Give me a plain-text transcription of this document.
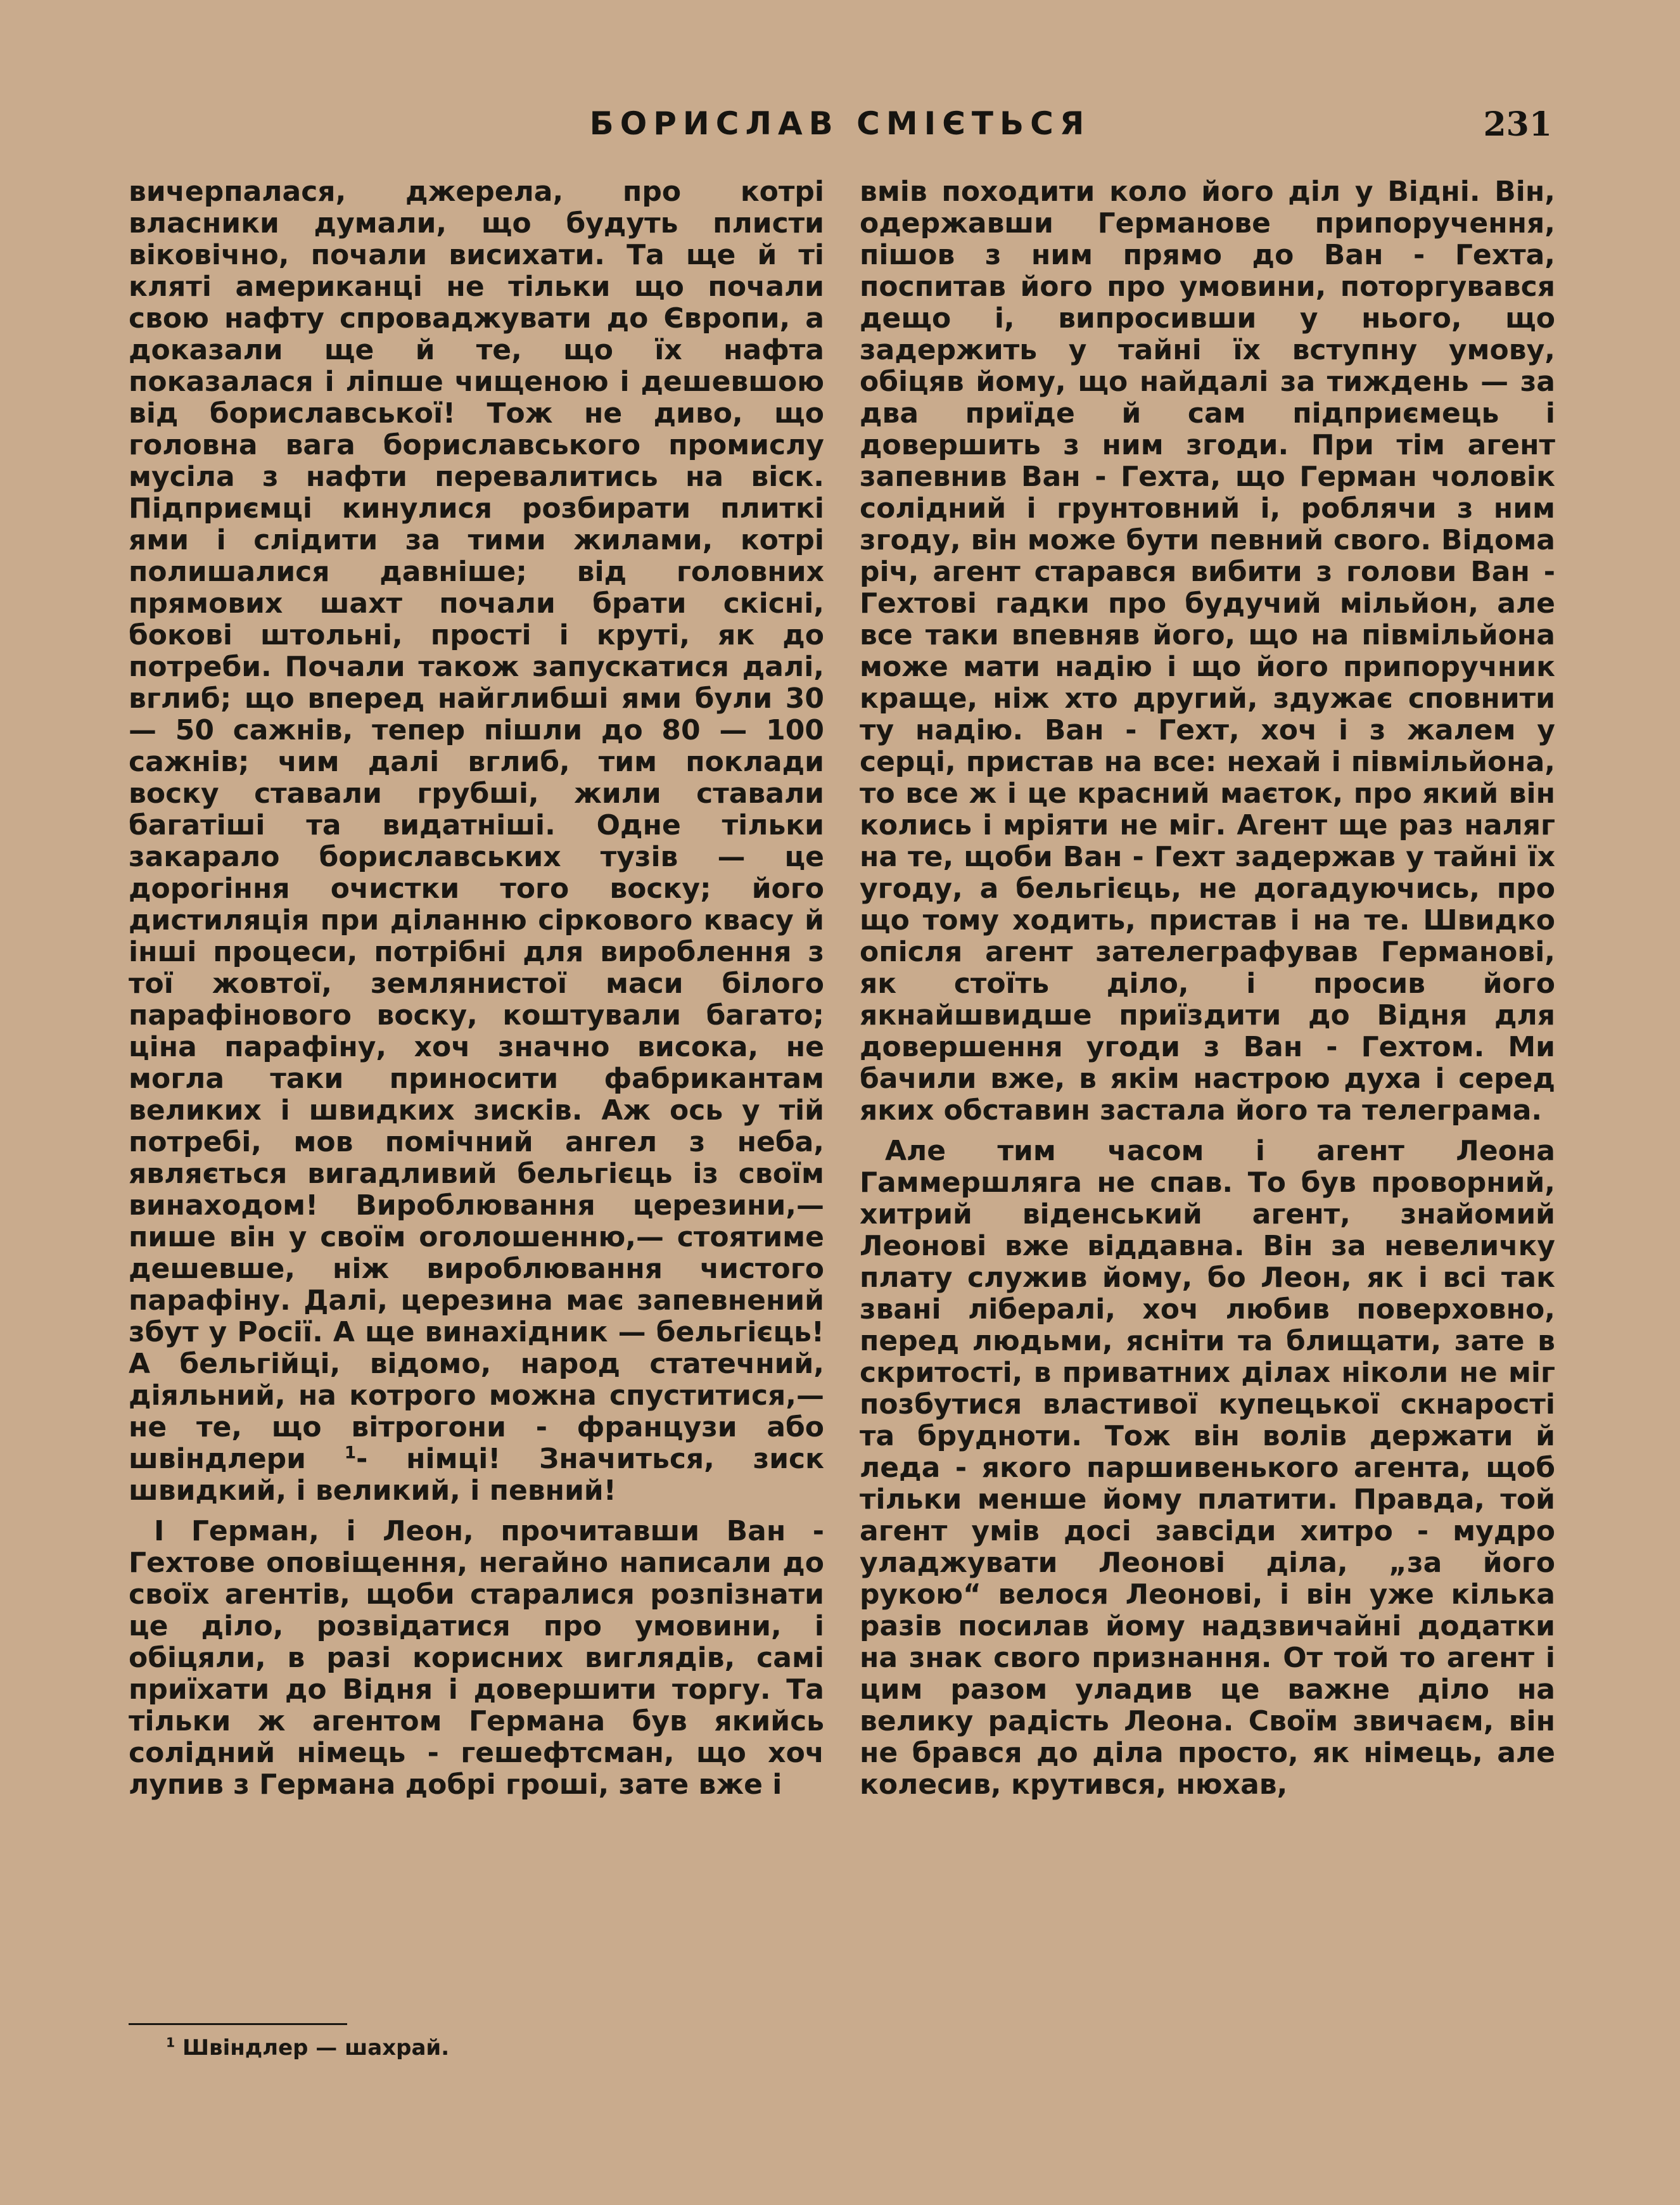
БОРИСЛАВ СМІЄТЬСЯ	231

вичерпалася, джерела, про котрі власники думали, що будуть плисти віковічно, почали висихати. Та ще й ті кляті американці не тільки що почали свою нафту спроваджувати до Європи, а доказали ще й те, що їх нафта показалася і ліпше чищеною і дешевшою від бориславської! Тож не диво, що головна вага бориславського промислу мусіла з нафти перевалитись на віск. Підприємці кинулися розбирати плиткі ями і слідити за тими жилами, котрі полишалися давніше; від головних прямових шахт почали брати скісні, бокові штольні, прості і круті, як до потреби. Почали також запускатися далі, вглиб; що вперед найглибші ями були 30 — 50 сажнів, тепер пішли до 80 — 100 сажнів; чим далі вглиб, тим поклади воску ставали грубші, жили ставали багатіші та видатніші. Одне тільки закарало бориславських тузів — це дорогіння очистки того воску; його дистиляція при діланню сіркового квасу й інші процеси, потрібні для вироблення з тої жовтої, землянистої маси білого парафінового воску, коштували багато; ціна парафіну, хоч значно висока, не могла таки приносити фабрикантам великих і швидких зисків. Аж ось у тій потребі, мов помічний ангел з неба, являється вигадливий бельгієць із своїм винаходом! Вироблювання церезини,— пише він у своїм оголошенню,— стоятиме дешевше, ніж вироблювання чистого парафіну. Далі, церезина має запевнений збут у Росії. А ще винахідник — бельгієць! А бельгійці, відомо, народ статечний, діяльний, на котрого можна спуститися,— не те, що вітрогони - французи або швіндлери $^1$- німці! Значиться, зиск швидкий, і великий, і певний!

І Герман, і Леон, прочитавши Ван - Гехтове оповіщення, негайно написали до своїх агентів, щоби старалися розпізнати це діло, розвідатися про умовини, і обіцяли, в разі корисних виглядів, самі приїхати до Відня і довершити торгу. Та тільки ж агентом Германа був якийсь солідний німець - гешефтсман, що хоч лупив з Германа добрі гроші, зате вже і

вмів походити коло його діл у Відні. Він, одержавши Германове припоручення, пішов з ним прямо до Ван - Гехта, поспитав його про умовини, поторгувався дещо і, випросивши у нього, що задержить у тайні їх вступну умову, обіцяв йому, що найдалі за тиждень — за два приїде й сам підприємець і довершить з ним згоди. При тім агент запевнив Ван - Гехта, що Герман чоловік солідний і грунтовний і, роблячи з ним згоду, він може бути певний свого. Відома річ, агент старався вибити з голови Ван - Гехтові гадки про будучий мільйон, але все таки впевняв його, що на півмільйона може мати надію і що його припоручник краще, ніж хто другий, здужає сповнити ту надію. Ван - Гехт, хоч і з жалем у серці, пристав на все: нехай і півмільйона, то все ж і це красний маєток, про який він колись і мріяти не міг. Агент ще раз наляг на те, щоби Ван - Гехт задержав у тайні їх угоду, а бельгієць, не догадуючись, про що тому ходить, пристав і на те. Швидко опісля агент зателеграфував Германові, як стоїть діло, і просив його якнайшвидше приїздити до Відня для довершення угоди з Ван - Гехтом. Ми бачили вже, в якім настрою духа і серед яких обставин застала його та телеграма.

Але тим часом і агент Леона Гаммершляга не спав. То був проворний, хитрий віденський агент, знайомий Леонові вже віддавна. Він за невеличку плату служив йому, бо Леон, як і всі так звані лібералі, хоч любив поверховно, перед людьми, ясніти та блищати, зате в скритості, в приватних ділах ніколи не міг позбутися властивої купецької скнарості та брудноти. Тож він волів держати й леда - якого паршивенького агента, щоб тільки менше йому платити. Правда, той агент умів досі завсіди хитро - мудро уладжувати Леонові діла, „за його рукою“ велося Леонові, і він уже кілька разів посилав йому надзвичайні додатки на знак свого признання. От той то агент і цим разом уладив це важне діло на велику радість Леона. Своїм звичаєм, він не брався до діла просто, як німець, але колесив, крутився, нюхав,

$^1$ Швіндлер — шахрай.
